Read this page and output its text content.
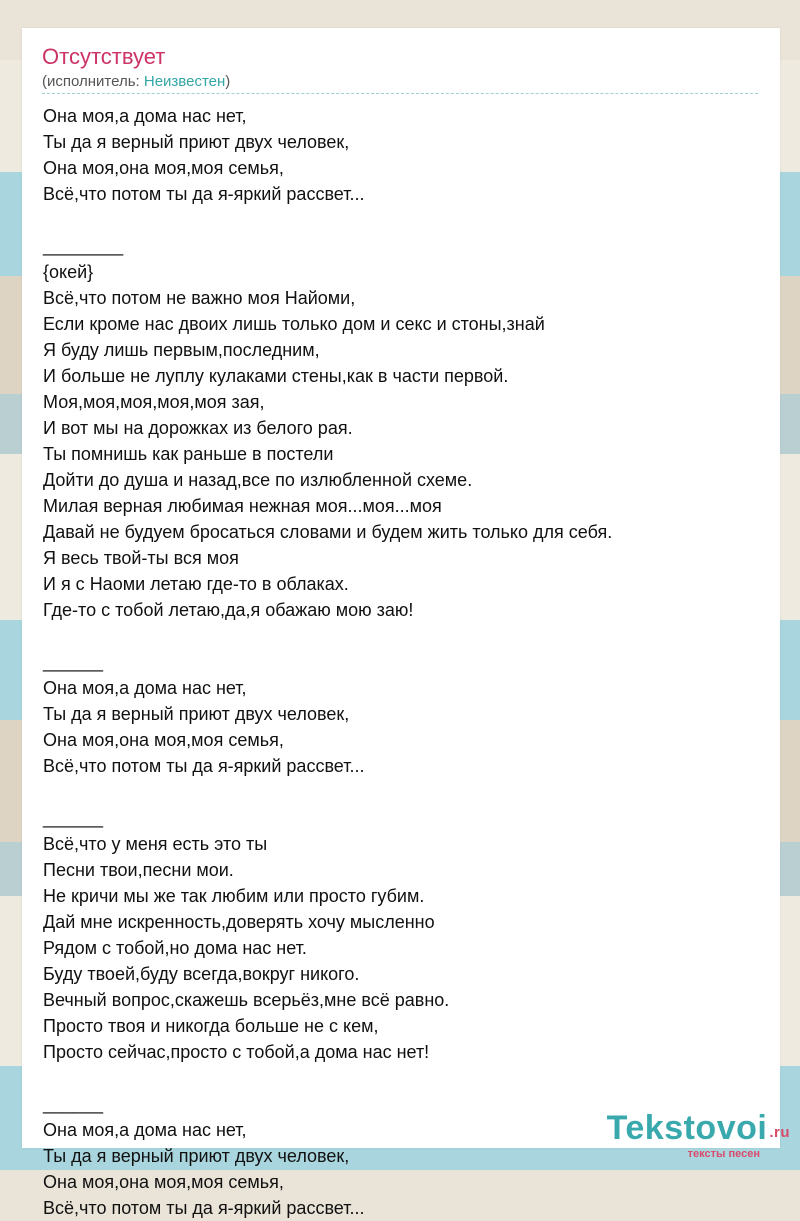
Отсутствует
(исполнитель: Неизвестен)
Она моя,а дома нас нет,
Ты да я верный приют двух человек,
Она моя,она моя,моя семья,
Всё,что потом ты да я-яркий рассвет...
________
{окей}
Всё,что потом не важно моя Найоми,
Если кроме нас двоих лишь только дом и секс и стоны,знай
Я буду лишь первым,последним,
И больше не луплу кулаками стены,как в части первой.
Моя,моя,моя,моя,моя зая,
И вот мы на дорожках из белого рая.
Ты помнишь как раньше в постели
Дойти до душа и назад,все по излюбленной схеме.
Милая верная любимая нежная моя...моя...моя
Давай не будуем бросаться словами и будем жить только для себя.
Я весь твой-ты вся моя
И я с Наоми летаю где-то в облаках.
Где-то с тобой летаю,да,я обажаю мою заю!
______
Она моя,а дома нас нет,
Ты да я верный приют двух человек,
Она моя,она моя,моя семья,
Всё,что потом ты да я-яркий рассвет...
______
Всё,что у меня есть это ты
Песни твои,песни мои.
Не кричи мы же так любим или просто губим.
Дай мне искренность,доверять хочу мысленно
Рядом с тобой,но дома нас нет.
Буду твоей,буду всегда,вокруг никого.
Вечный вопрос,скажешь всерьёз,мне всё равно.
Просто твоя и никогда больше не с кем,
Просто сейчас,просто с тобой,а дома нас нет!
______
Она моя,а дома нас нет,
Ты да я верный приют двух человек,
Она моя,она моя,моя семья,
Всё,что потом ты да я-яркий рассвет...
Tekstovoi .ru
тексты песен
